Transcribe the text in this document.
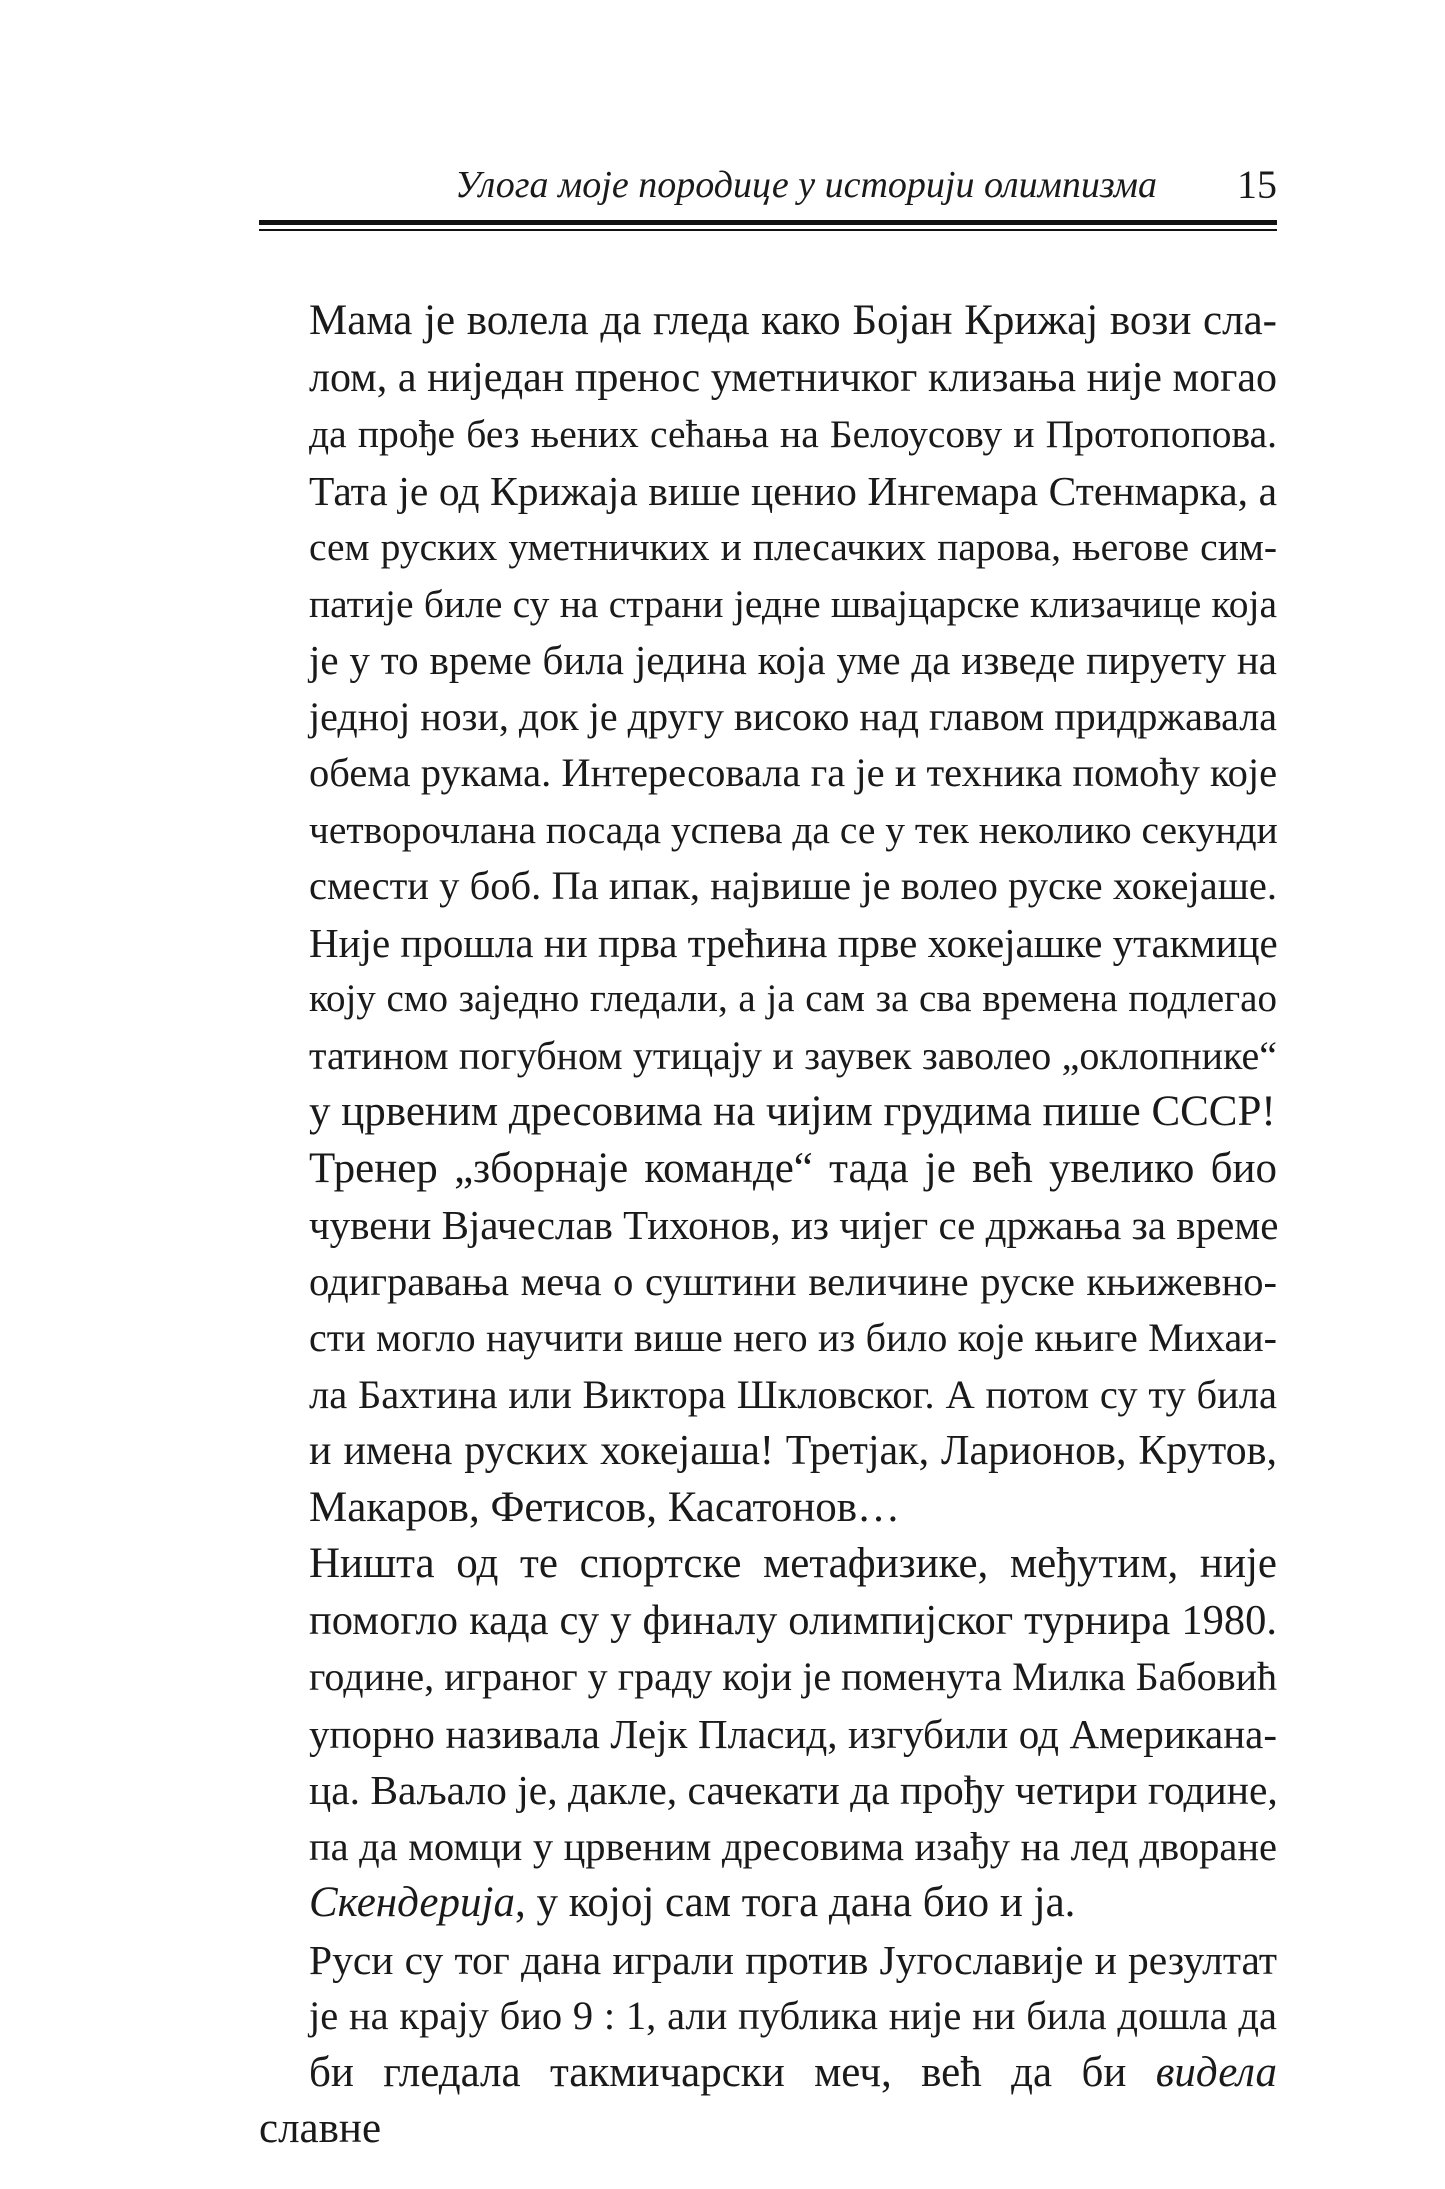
Улога моје породице у историји олимпизма 15

Мама је волела да гледа како Бојан Крижај вози сла-
лом, а ниједан пренос уметничког клизања није могао
да прође без њених сећања на Белоусову и Протопопова.
Тата је од Крижаја више ценио Ингемара Стенмарка, а
сем руских уметничких и плесачких парова, његове сим-
патије биле су на страни једне швајцарске клизачице која
је у то време била једина која уме да изведе пируету на
једној нози, док је другу високо над главом придржавала
обема рукама. Интересовала га је и техника помоћу које
четворочлана посада успева да се у тек неколико секунди
смести у боб. Па ипак, највише је волео руске хокејаше.
Није прошла ни прва трећина прве хокејашке утакмице
коју смо заједно гледали, а ја сам за сва времена подлегао
татином погубном утицају и заувек заволео „оклопнике“
у црвеним дресовима на чијим грудима пише СССР!

Тренер „зборнаје команде“ тада је већ увелико био
чувени Вјачеслав Тихонов, из чијег се држања за време
одигравања меча о суштини величине руске књижевно-
сти могло научити више него из било које књиге Михаи-
ла Бахтина или Виктора Шкловског. А потом су ту била
и имена руских хокејаша! Третјак, Ларионов, Крутов,
Макаров, Фетисов, Касатонов…

Ништа од те спортске метафизике, међутим, није
помогло када су у финалу олимпијског турнира 1980.
године, играног у граду који је поменута Милка Бабовић
упорно називала Лејк Пласид, изгубили од Американа-
ца. Ваљало је, дакле, сачекати да прођу четири године,
па да момци у црвеним дресовима изађу на лед дворане
Скендерија, у којој сам тога дана био и ја.

Руси су тог дана играли против Југославије и резултат
је на крају био 9 : 1, али публика није ни била дошла да
би гледала такмичарски меч, већ да би видела славне
